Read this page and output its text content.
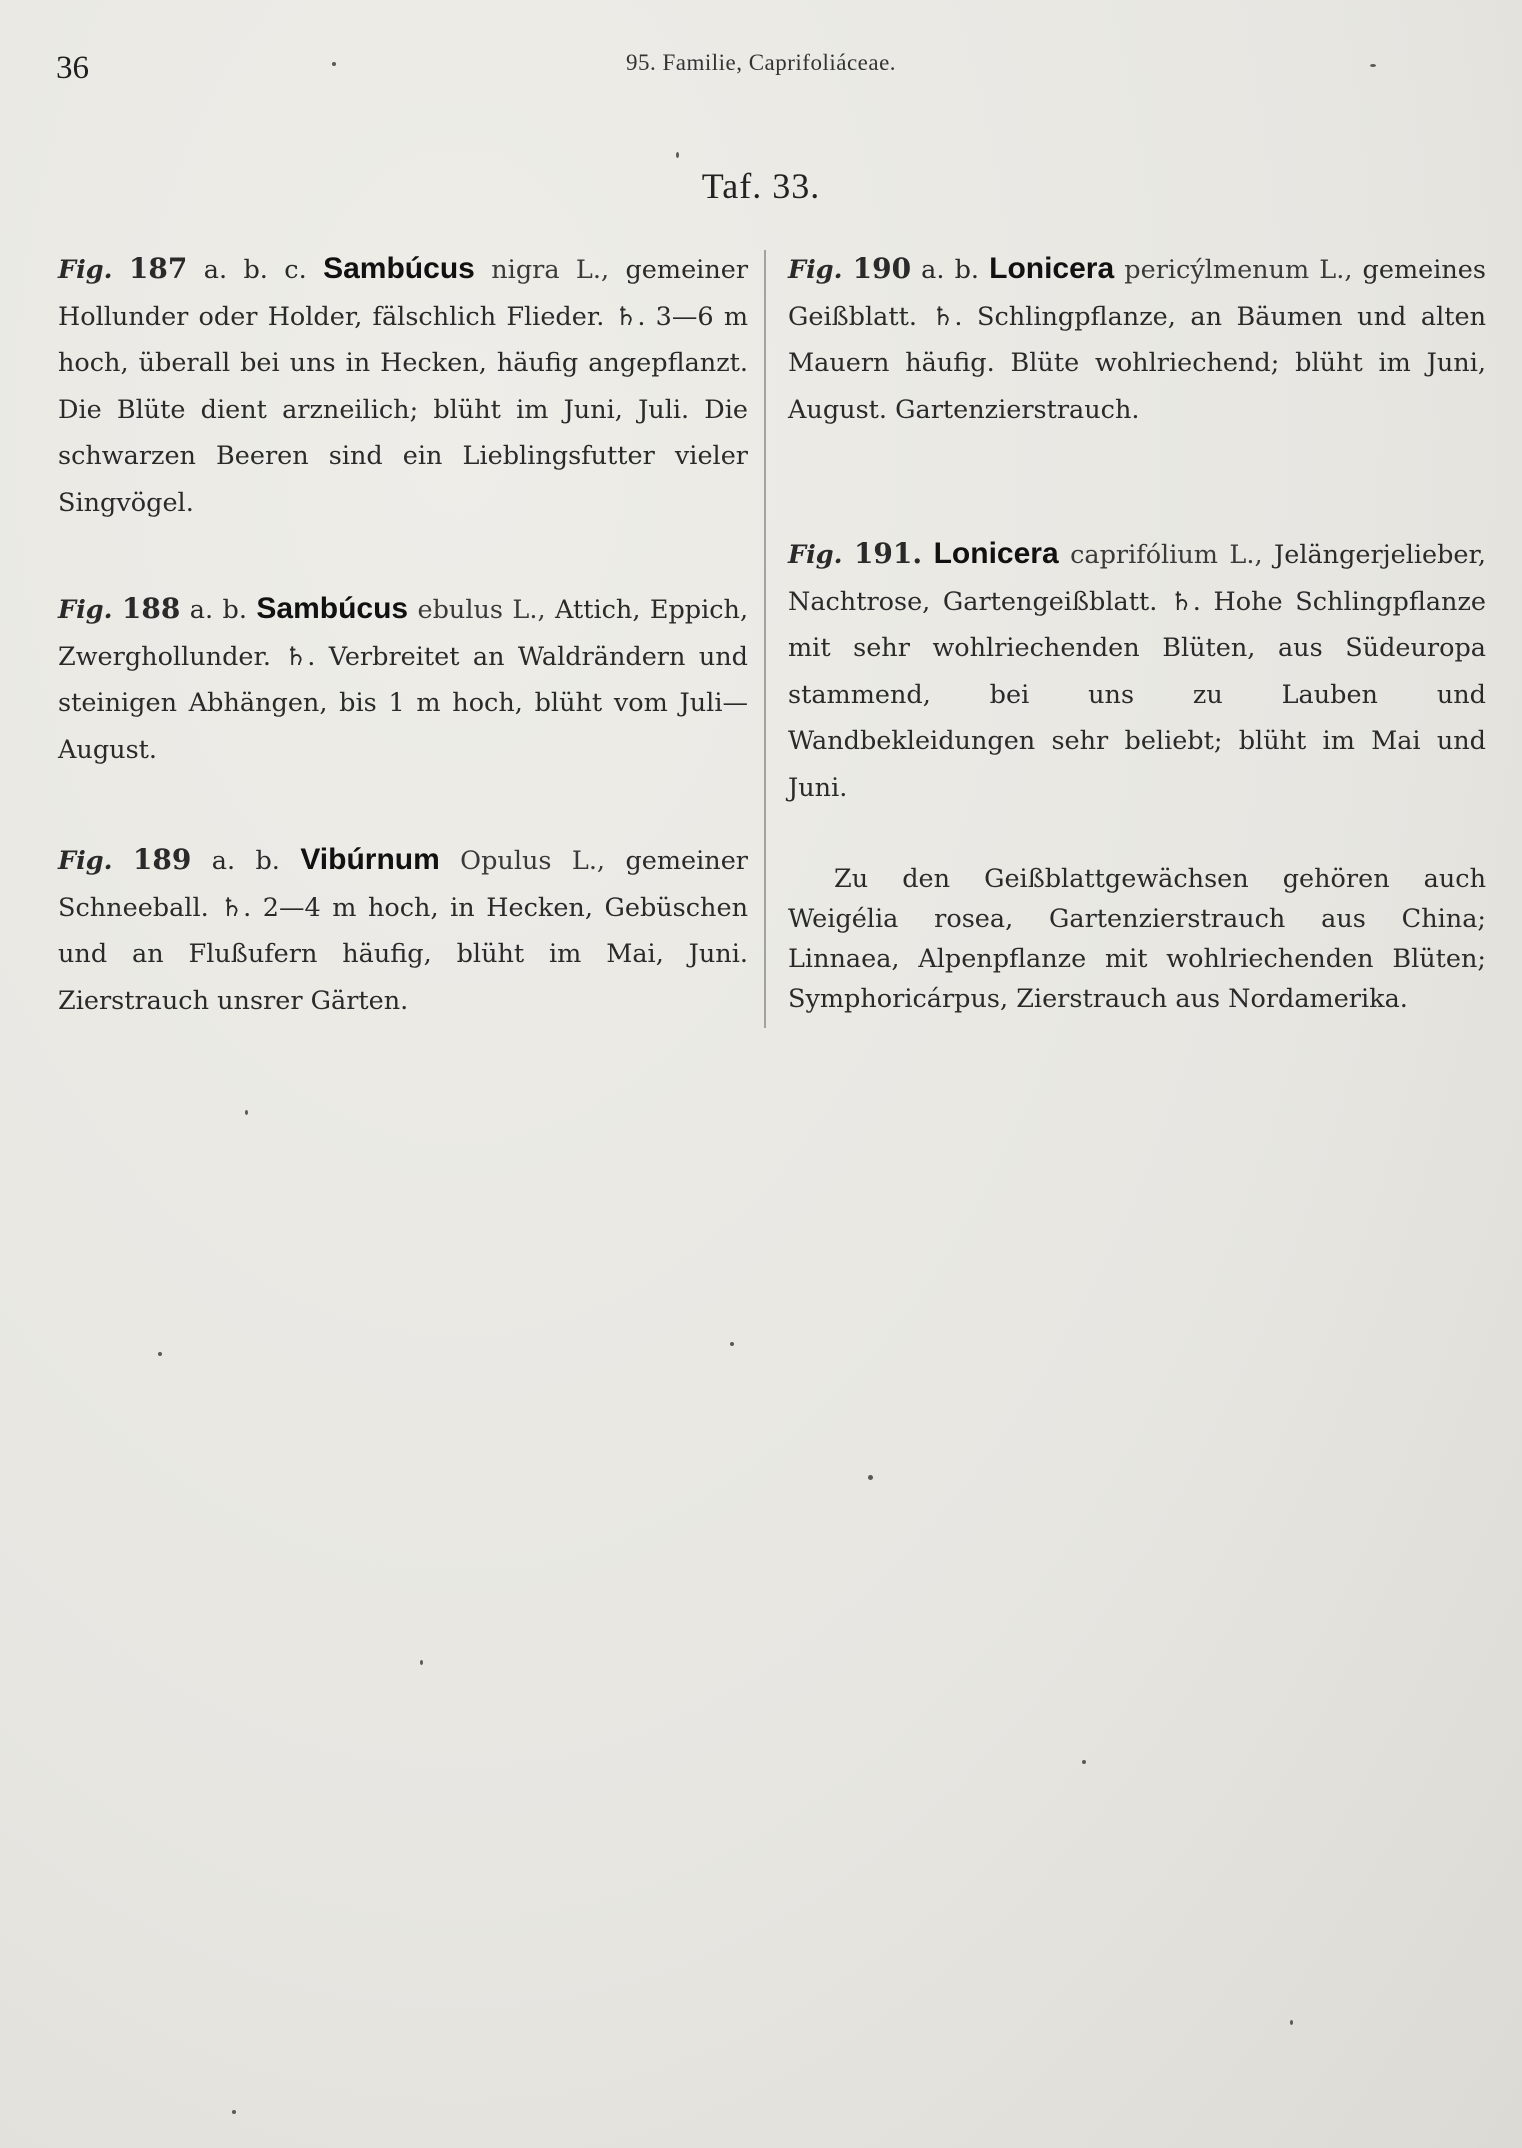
36	95. Familie, Caprifoliáceae.
Taf. 33.

Fig. 187 a. b. c. Sambúcus nigra L., gemeiner Hollunder oder Holder, fälschlich Flieder. ♄. 3—6 m hoch, überall bei uns in Hecken, häufig angepflanzt. Die Blüte dient arzneilich; blüht im Juni, Juli. Die schwarzen Beeren sind ein Lieblingsfutter vieler Singvögel.

Fig. 188 a. b. Sambúcus ebulus L., Attich, Eppich, Zwerghollunder. ♄. Verbreitet an Waldrändern und steinigen Abhängen, bis 1 m hoch, blüht vom Juli—August.

Fig. 189 a. b. Vibúrnum Opulus L., gemeiner Schneeball. ♄. 2—4 m hoch, in Hecken, Gebüschen und an Flußufern häufig, blüht im Mai, Juni. Zierstrauch unsrer Gärten.

Fig. 190 a. b. Lonicera pericýlmenum L., gemeines Geißblatt. ♄. Schlingpflanze, an Bäumen und alten Mauern häufig. Blüte wohlriechend; blüht im Juni, August. Gartenzierstrauch.

Fig. 191. Lonicera caprifólium L., Jelängerjelieber, Nachtrose, Gartengeißblatt. ♄. Hohe Schlingpflanze mit sehr wohlriechenden Blüten, aus Südeuropa stammend, bei uns zu Lauben und Wandbekleidungen sehr beliebt; blüht im Mai und Juni.

Zu den Geißblattgewächsen gehören auch Weigélia rosea, Gartenzierstrauch aus China; Linnaea, Alpenpflanze mit wohlriechenden Blüten; Symphoricárpus, Zierstrauch aus Nordamerika.
